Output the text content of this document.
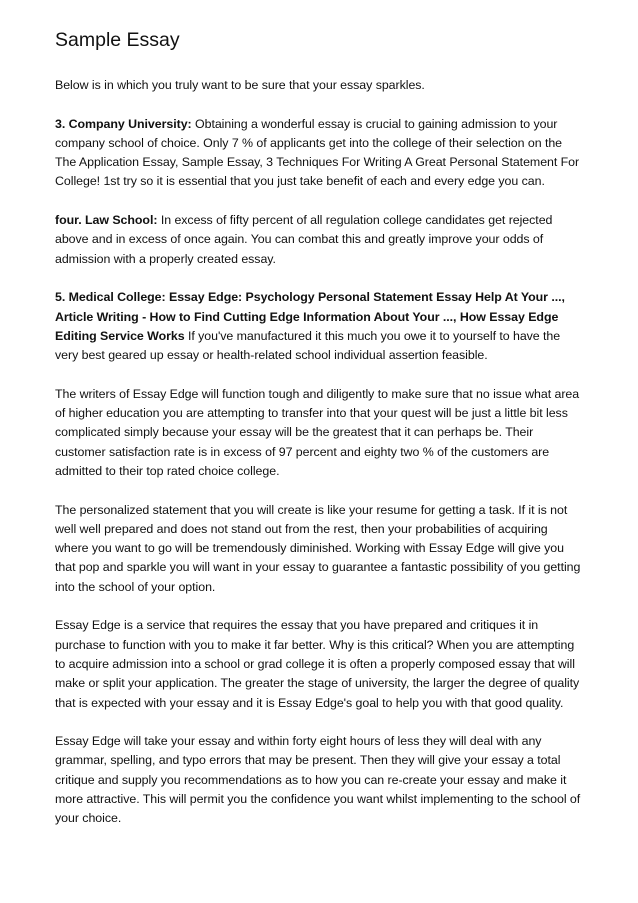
Sample Essay

Below is in which you truly want to be sure that your essay sparkles.

3. Company University: Obtaining a wonderful essay is crucial to gaining admission to your company school of choice. Only 7 % of applicants get into the college of their selection on the The Application Essay, Sample Essay, 3 Techniques For Writing A Great Personal Statement For College! 1st try so it is essential that you just take benefit of each and every edge you can.

four. Law School: In excess of fifty percent of all regulation college candidates get rejected above and in excess of once again. You can combat this and greatly improve your odds of admission with a properly created essay.

5. Medical College: Essay Edge: Psychology Personal Statement Essay Help At Your ..., Article Writing - How to Find Cutting Edge Information About Your ..., How Essay Edge Editing Service Works If you've manufactured it this much you owe it to yourself to have the very best geared up essay or health-related school individual assertion feasible.

The writers of Essay Edge will function tough and diligently to make sure that no issue what area of higher education you are attempting to transfer into that your quest will be just a little bit less complicated simply because your essay will be the greatest that it can perhaps be. Their customer satisfaction rate is in excess of 97 percent and eighty two % of the customers are admitted to their top rated choice college.

The personalized statement that you will create is like your resume for getting a task. If it is not well well prepared and does not stand out from the rest, then your probabilities of acquiring where you want to go will be tremendously diminished. Working with Essay Edge will give you that pop and sparkle you will want in your essay to guarantee a fantastic possibility of you getting into the school of your option.

Essay Edge is a service that requires the essay that you have prepared and critiques it in purchase to function with you to make it far better. Why is this critical? When you are attempting to acquire admission into a school or grad college it is often a properly composed essay that will make or split your application. The greater the stage of university, the larger the degree of quality that is expected with your essay and it is Essay Edge's goal to help you with that good quality.

Essay Edge will take your essay and within forty eight hours of less they will deal with any grammar, spelling, and typo errors that may be present. Then they will give your essay a total critique and supply you recommendations as to how you can re-create your essay and make it more attractive. This will permit you the confidence you want whilst implementing to the school of your choice.
